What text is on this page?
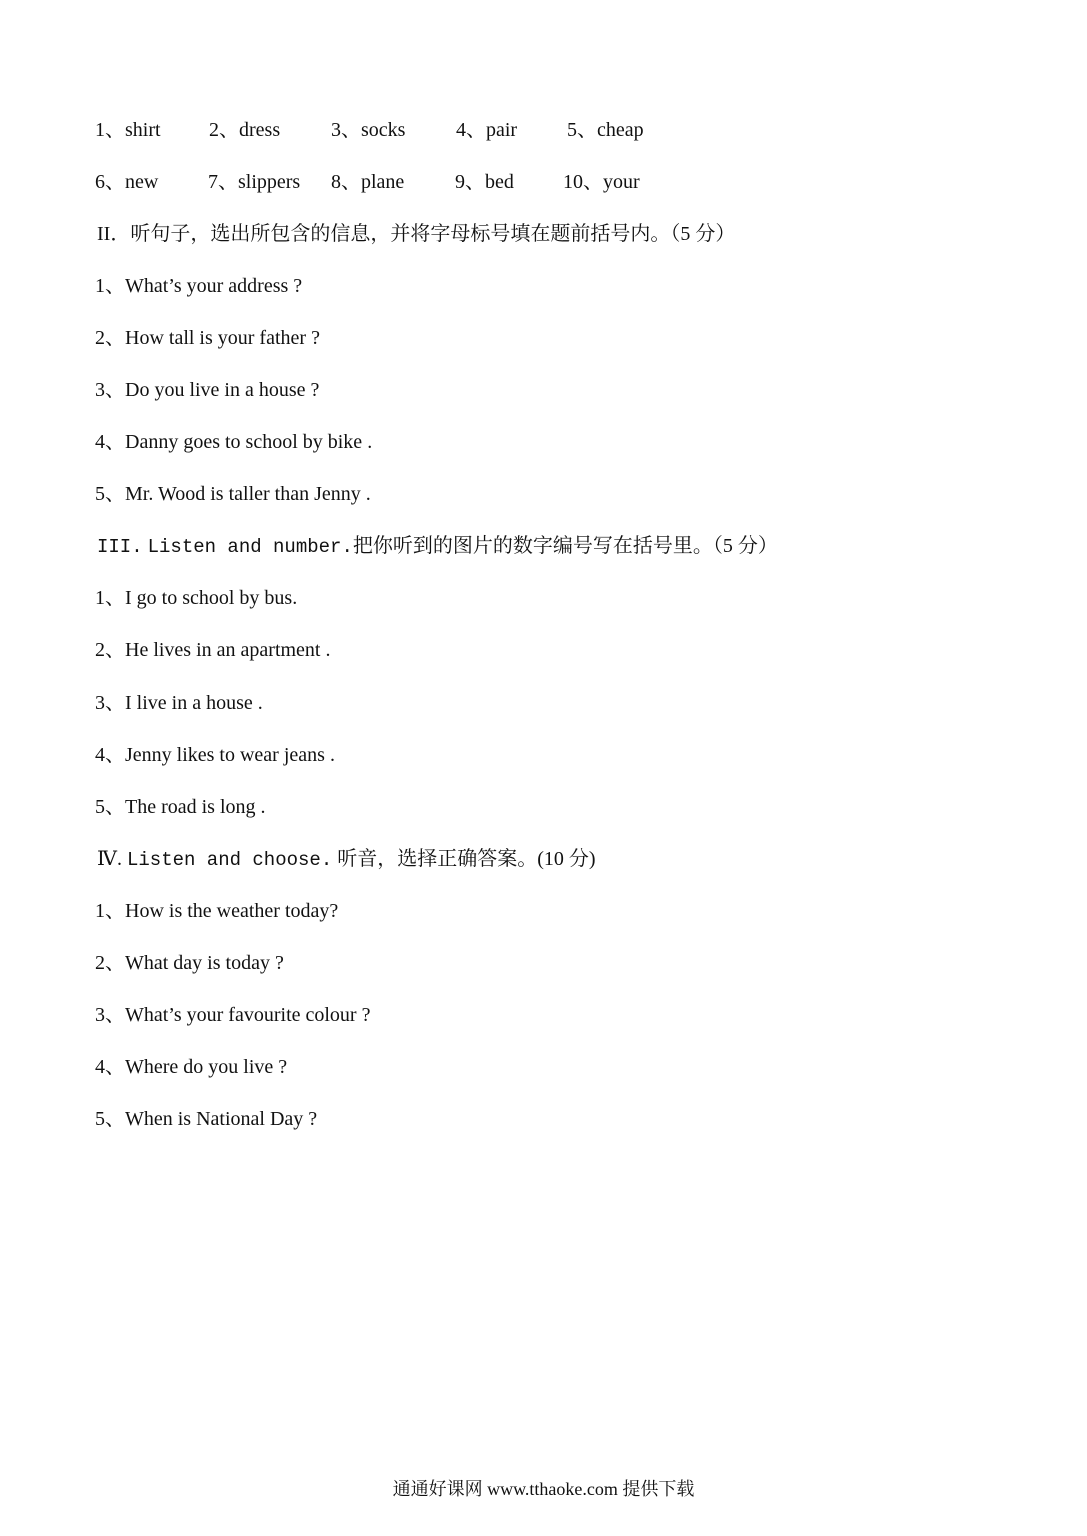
1、shirt 2、dress	3、socks	4、pair 5、cheap
6、new 7、slippers 8、plane	9、bed 10、your
II．听句子，选出所包含的信息，并将字母标号填在题前括号内。（5 分）
1、What’s your address ?
2、How tall is your father ?
3、Do you live in a house ?
4、Danny goes to school by bike .
5、Mr. Wood is taller than Jenny .
III. Listen and number.把你听到的图片的数字编号写在括号里。（5 分）
1、I go to school by bus.
2、He lives in an apartment .
3、I live in a house .
4、Jenny likes to wear jeans .
5、The road is long .
Ⅳ. Listen and choose. 听音，选择正确答案。(10 分)
1、How is the weather today?
2、What day is today ?
3、What’s your favourite colour ?
4、Where do you live ?
5、When is National Day ?
通通好课网 www.tthaoke.com 提供下载
